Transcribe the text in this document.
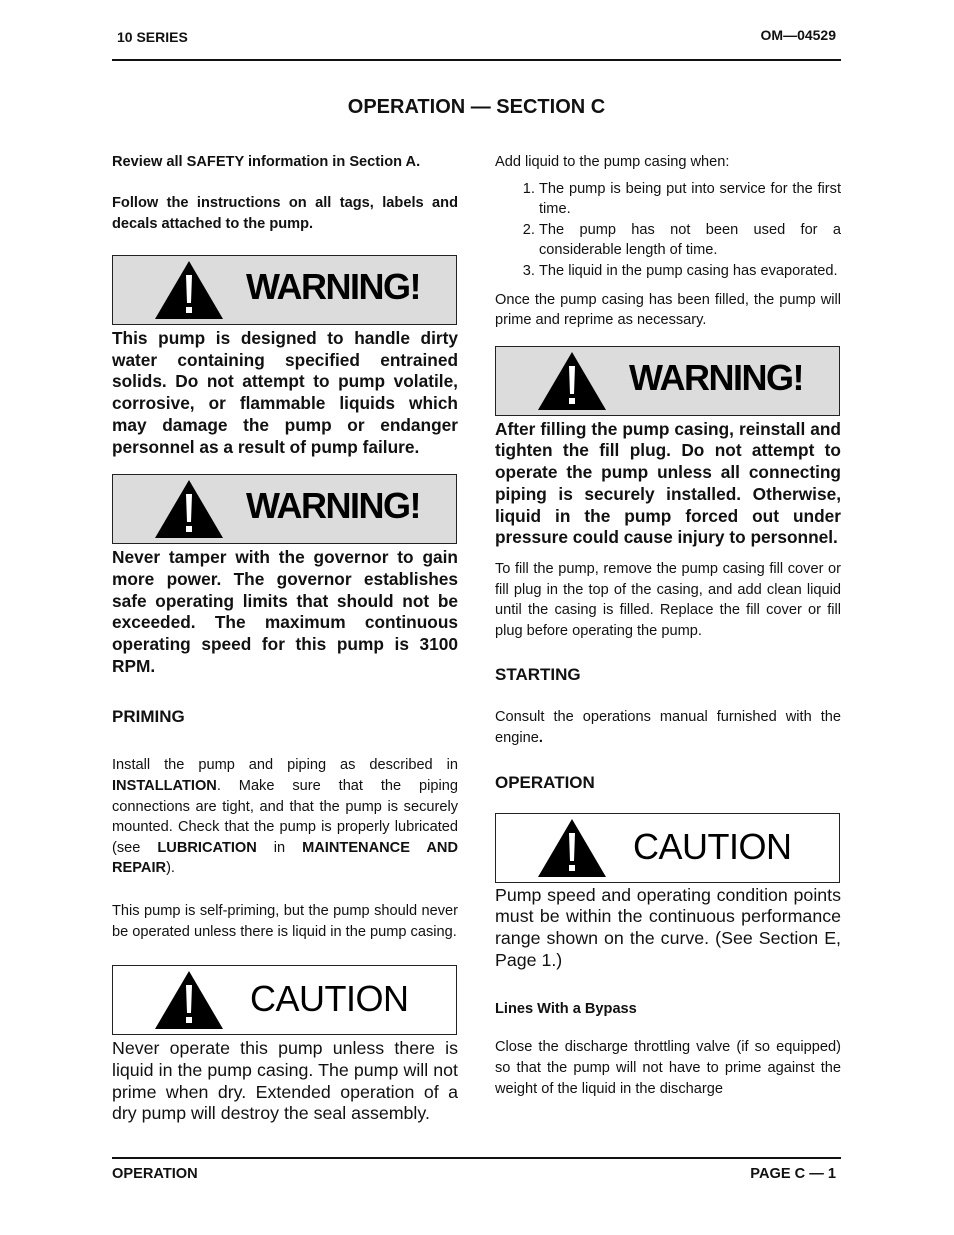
10 SERIES	OM—04529
OPERATION — SECTION C

Review all SAFETY information in Section A.

Follow the instructions on all tags, labels and decals attached to the pump.

WARNING!

This pump is designed to handle dirty water containing specified entrained solids. Do not attempt to pump volatile, corrosive, or flammable liquids which may damage the pump or endanger personnel as a result of pump failure.

WARNING!

Never tamper with the governor to gain more power. The governor establishes safe operating limits that should not be exceeded. The maximum continuous operating speed for this pump is 3100 RPM.

PRIMING

Install the pump and piping as described in INSTALLATION. Make sure that the piping connections are tight, and that the pump is securely mounted. Check that the pump is properly lubricated (see LUBRICATION in MAINTENANCE AND REPAIR).

This pump is self-priming, but the pump should never be operated unless there is liquid in the pump casing.

CAUTION

Never operate this pump unless there is liquid in the pump casing. The pump will not prime when dry. Extended operation of a dry pump will destroy the seal assembly.

Add liquid to the pump casing when:

1. The pump is being put into service for the first time.
2. The pump has not been used for a considerable length of time.
3. The liquid in the pump casing has evaporated.

Once the pump casing has been filled, the pump will prime and reprime as necessary.

WARNING!

After filling the pump casing, reinstall and tighten the fill plug. Do not attempt to operate the pump unless all connecting piping is securely installed. Otherwise, liquid in the pump forced out under pressure could cause injury to personnel.

To fill the pump, remove the pump casing fill cover or fill plug in the top of the casing, and add clean liquid until the casing is filled. Replace the fill cover or fill plug before operating the pump.

STARTING

Consult the operations manual furnished with the engine.

OPERATION

CAUTION

Pump speed and operating condition points must be within the continuous performance range shown on the curve. (See Section E, Page 1.)

Lines With a Bypass

Close the discharge throttling valve (if so equipped) so that the pump will not have to prime against the weight of the liquid in the discharge

OPERATION	PAGE C — 1
